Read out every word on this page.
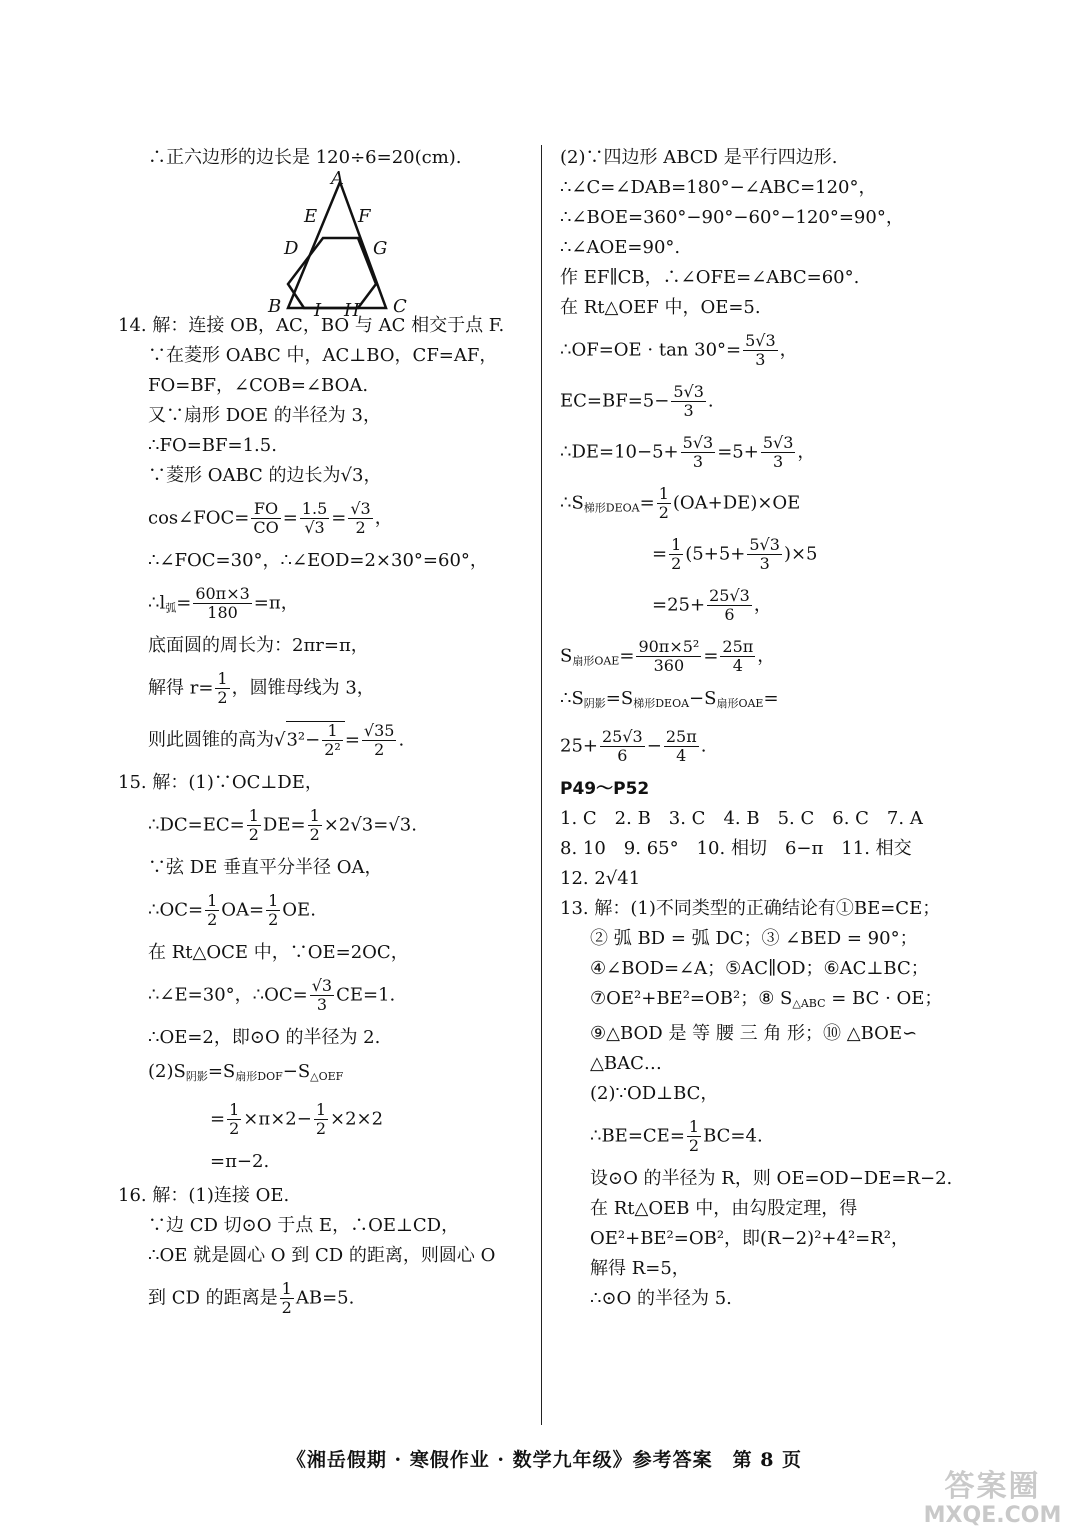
∴正六边形的边长是 120÷6=20(cm).
A
E F
D	G
B I H C
14. 解：连接 OB，AC，BO 与 AC 相交于点 F.
∵在菱形 OABC 中，AC⊥BO，CF=AF，
FO=BF，∠COB=∠BOA.
又∵扇形 DOE 的半径为 3，
∴FO=BF=1.5.
∵菱形 OABC 的边长为√3，
cos∠FOC= $\frac{FO}{CO} = \frac{1.5}{√3} = \frac{√3}{2}$ ，
∴∠FOC=30°，∴∠EOD=2×30°=60°，
$\therefore l_弧= \frac{60\pi\times 3}{180} =\pi$，
底面圆的周长为：2πr=π，
解得 $r= \frac{1}{2}$ ，圆锥母线为 3，
则此圆锥的高为$√3^2- \frac{1}{\text{2²}} = \frac{√35}{2}$ .
15. 解：(1)∵OC⊥DE，
∴DC=EC= $\frac{1}{2} DE= \frac{1}{2} \times 2√3=√3$.
∵弦 DE 垂直平分半径 OA，
∴OC= $\frac{1}{2} OA= \frac{1}{2}$ OE.
在 Rt△OCE 中，∵OE=2OC，
∴∠E=30°，∴OC= $\frac{√3}{3} CE=1$.
∴OE=2，即⊙O 的半径为 2.
$(2)S_{阴影}=S_{扇形DOF}-S_{\triangle OEF}$
= $\frac{1}{2} \times\pi\times 2- \frac{1}{2} \times 2\times 2$
=π−2.
16. 解：(1)连接 OE.
∵边 CD 切⊙O 于点 E，∴OE⊥CD，
∴OE 就是圆心 O 到 CD 的距离，则圆心 O
到 CD 的距离是 $\frac{1}{2} AB=5$.
(2)∵四边形 ABCD 是平行四边形.
∴∠C=∠DAB=180°−∠ABC=120°，
∴∠BOE=360°−90°−60°−120°=90°，
∴∠AOE=90°.
作 EF∥CB，∴∠OFE=∠ABC=60°.
在 Rt△OEF 中，OE=5.
∴OF=OE · $\tan 30^\circ= \frac{5√3}{3}$ ，
$EC=BF=5- \frac{5√3}{3}$ .
∴DE=10−5+ $\frac{5√3}{3} =5+ \frac{5√3}{3}$ ，
$\therefore S_{梯形DEOA}= \frac{1}{2} (OA+DE)\times OE$
= $\frac{1}{2} (5+5+ \frac{5√3}{3} )\times 5$
$=25+ \frac{25√3}{6}$ ，
$S_{扇形OAE}= \frac{\text{90π×5²}}{360} = \frac{25\pi}{4}$ ，
$\therefore S_{阴影}=S_{梯形DEOA}-S_{扇形OAE}=$
$25+ \frac{25√3}{6} - \frac{25\pi}{4}$ .
P49～P52
1. C　2. B　3. C　4. B　5. C　6. C　7. A
8. 10　9. 65°　10. 相切　6−π　11. 相交
12. 2√41
13. 解：(1)不同类型的正确结论有①BE=CE；
② 弧 BD = 弧 DC；③ ∠BED = 90°；
④∠BOD=∠A；⑤AC∥OD；⑥AC⊥BC；
⑦OE²+BE²=OB²；⑧ $S_{\triangle ABC}$ = BC · OE；
⑨△BOD 是 等 腰 三 角 形；⑩ △BOE∽
△BAC…
(2)∵OD⊥BC，
∴BE=CE= $\frac{1}{2} BC=4$.
设⊙O 的半径为 R，则 OE=OD−DE=R−2.
在 Rt△OEB 中，由勾股定理，得
OE²+BE²=OB²，即(R−2)²+4²=R²，
解得 R=5，
∴⊙O 的半径为 5.
《湘岳假期 · 寒假作业 · 数学九年级》参考答案　第 8 页
答案圈
MXQE.COM
